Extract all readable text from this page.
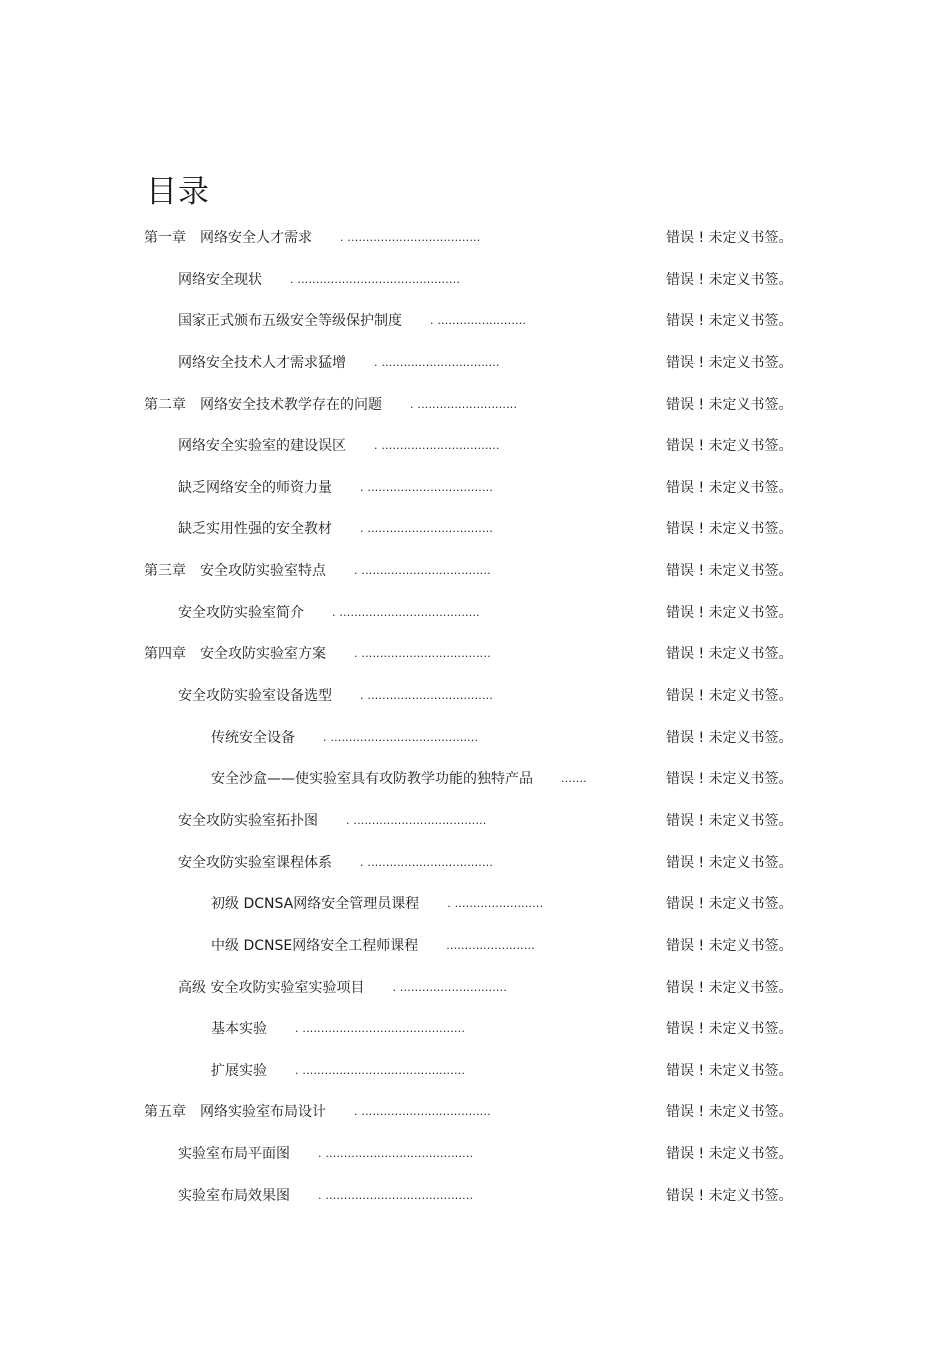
目录
第一章 网络安全人才需求	. ....................................	错误 ! 未定义书签。
网络安全现状	. ............................................	错误 ! 未定义书签。
国家正式颁布五级安全等级保护制度	. ........................	错误 ! 未定义书签。
网络安全技术人才需求猛增	. ................................	错误 ! 未定义书签。
第二章 网络安全技术教学存在的问题	. ...........................	错误 ! 未定义书签。
网络安全实验室的建设误区	. ................................	错误 ! 未定义书签。
缺乏网络安全的师资力量	. ..................................	错误 ! 未定义书签。
缺乏实用性强的安全教材	. ..................................	错误 ! 未定义书签。
第三章 安全攻防实验室特点	. ...................................	错误 ! 未定义书签。
安全攻防实验室简介	. ......................................	错误 ! 未定义书签。
第四章 安全攻防实验室方案	. ...................................	错误 ! 未定义书签。
安全攻防实验室设备选型	. ..................................	错误 ! 未定义书签。
传统安全设备	. ........................................	错误 ! 未定义书签。
安全沙盒——使实验室具有攻防教学功能的独特产品	.......	错误 ! 未定义书签。
安全攻防实验室拓扑图	. ....................................	错误 ! 未定义书签。
安全攻防实验室课程体系	. ..................................	错误 ! 未定义书签。
初级 DCNSA网络安全管理员课程	. ........................	错误 ! 未定义书签。
中级 DCNSE网络安全工程师课程	........................	错误 ! 未定义书签。
高级 安全攻防实验室实验项目	. .............................	错误 ! 未定义书签。
基本实验	. ............................................	错误 ! 未定义书签。
扩展实验	. ............................................	错误 ! 未定义书签。
第五章 网络实验室布局设计	. ...................................	错误 ! 未定义书签。
实验室布局平面图	. ........................................	错误 ! 未定义书签。
实验室布局效果图	. ........................................	错误 ! 未定义书签。
